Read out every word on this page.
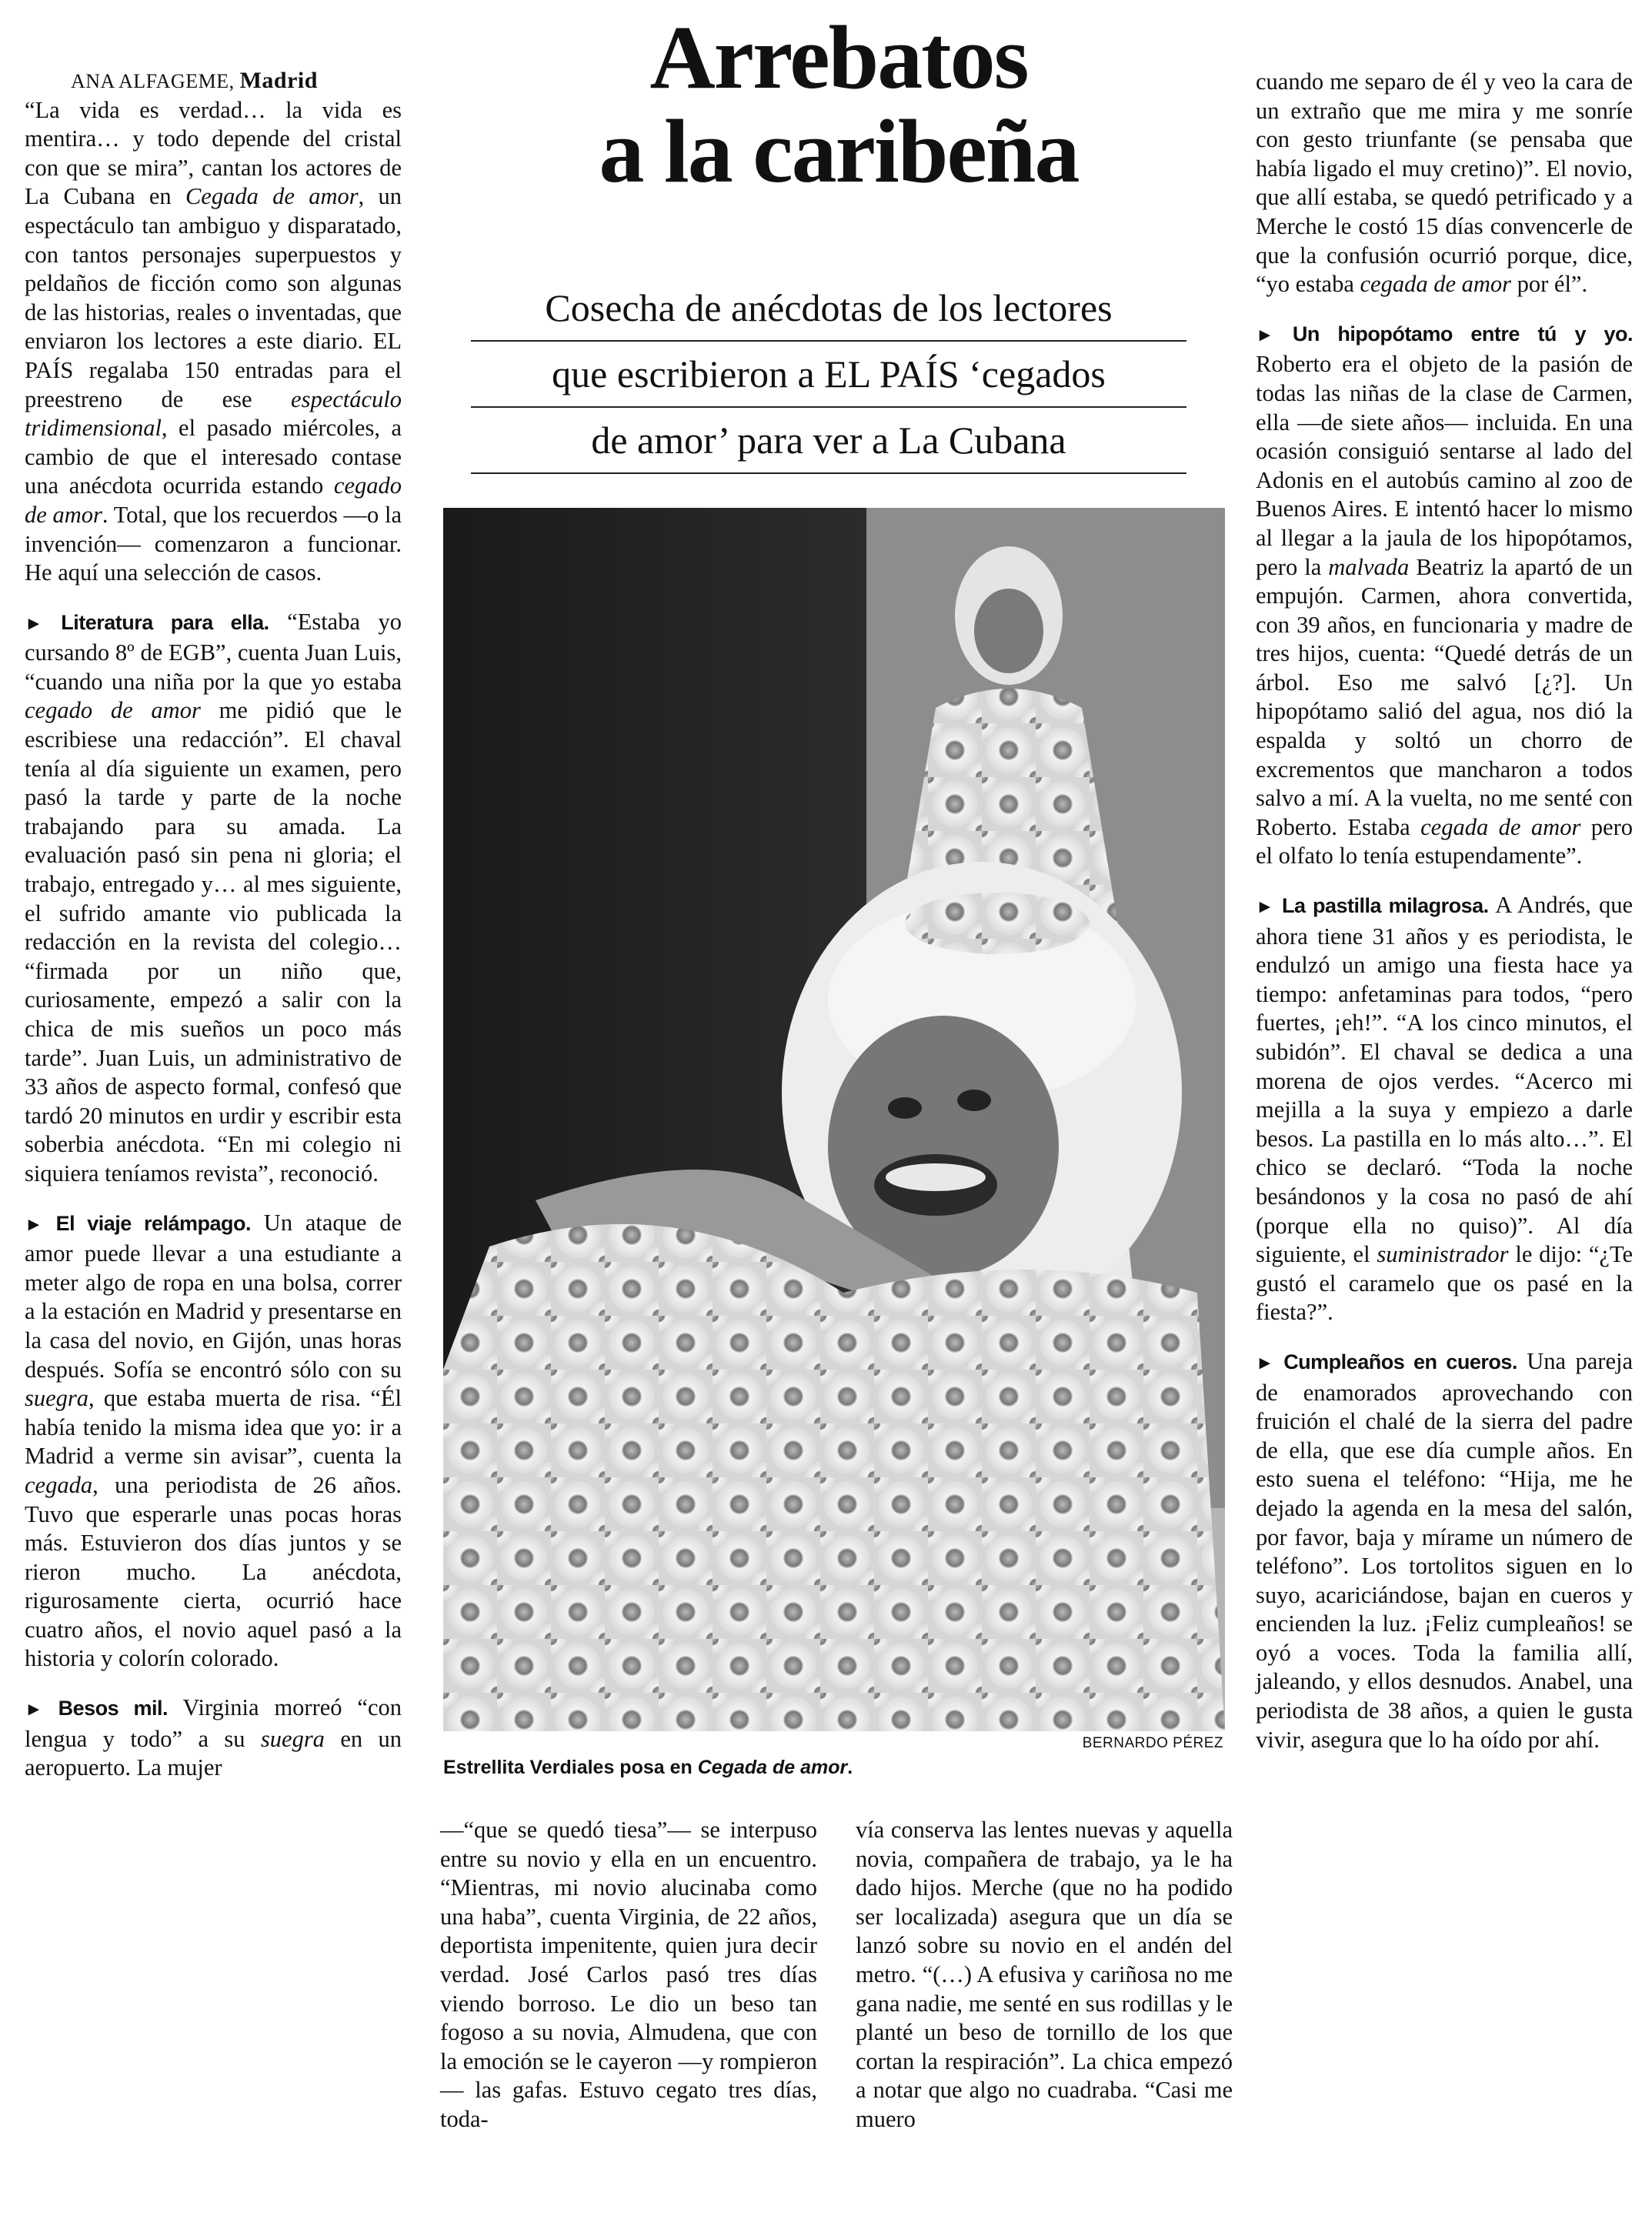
Arrebatos
a la caribeña
Cosecha de anécdotas de los lectores
que escribieron a EL PAÍS ‘cegados
de amor’ para ver a La Cubana

ANA ALFAGEME, Madrid

“La vida es verdad… la vida es mentira… y todo depende del cristal con que se mira”, cantan los actores de La Cubana en Cegada de amor, un espectáculo tan ambiguo y disparatado, con tantos personajes superpuestos y peldaños de ficción como son algunas de las historias, reales o inventadas, que enviaron los lectores a este diario. EL PAÍS regalaba 150 entradas para el preestreno de ese espectáculo tridimensional, el pasado miércoles, a cambio de que el interesado contase una anécdota ocurrida estando cegado de amor. Total, que los recuerdos —o la invención— comenzaron a funcionar. He aquí una selección de casos.

► Literatura para ella. “Estaba yo cursando 8º de EGB”, cuenta Juan Luis, “cuando una niña por la que yo estaba cegado de amor me pidió que le escribiese una redacción”. El chaval tenía al día siguiente un examen, pero pasó la tarde y parte de la noche trabajando para su amada. La evaluación pasó sin pena ni gloria; el trabajo, entregado y… al mes siguiente, el sufrido amante vio publicada la redacción en la revista del colegio… “firmada por un niño que, curiosamente, empezó a salir con la chica de mis sueños un poco más tarde”. Juan Luis, un administrativo de 33 años de aspecto formal, confesó que tardó 20 minutos en urdir y escribir esta soberbia anécdota. “En mi colegio ni siquiera teníamos revista”, reconoció.

► El viaje relámpago. Un ataque de amor puede llevar a una estudiante a meter algo de ropa en una bolsa, correr a la estación en Madrid y presentarse en la casa del novio, en Gijón, unas horas después. Sofía se encontró sólo con su suegra, que estaba muerta de risa. “Él había tenido la misma idea que yo: ir a Madrid a verme sin avisar”, cuenta la cegada, una periodista de 26 años. Tuvo que esperarle unas pocas horas más. Estuvieron dos días juntos y se rieron mucho. La anécdota, rigurosamente cierta, ocurrió hace cuatro años, el novio aquel pasó a la historia y colorín colorado.

► Besos mil. Virginia morreó “con lengua y todo” a su suegra en un aeropuerto. La mujer

BERNARDO PÉREZ
Estrellita Verdiales posa en Cegada de amor.

—“que se quedó tiesa”— se interpuso entre su novio y ella en un encuentro. “Mientras, mi novio alucinaba como una haba”, cuenta Virginia, de 22 años, deportista impenitente, quien jura decir verdad. José Carlos pasó tres días viendo borroso. Le dio un beso tan fogoso a su novia, Almudena, que con la emoción se le cayeron —y rompieron— las gafas. Estuvo cegato tres días, toda-

vía conserva las lentes nuevas y aquella novia, compañera de trabajo, ya le ha dado hijos. Merche (que no ha podido ser localizada) asegura que un día se lanzó sobre su novio en el andén del metro. “(…) A efusiva y cariñosa no me gana nadie, me senté en sus rodillas y le planté un beso de tornillo de los que cortan la respiración”. La chica empezó a notar que algo no cuadraba. “Casi me muero

cuando me separo de él y veo la cara de un extraño que me mira y me sonríe con gesto triunfante (se pensaba que había ligado el muy cretino)”. El novio, que allí estaba, se quedó petrificado y a Merche le costó 15 días convencerle de que la confusión ocurrió porque, dice, “yo estaba cegada de amor por él”.

► Un hipopótamo entre tú y yo. Roberto era el objeto de la pasión de todas las niñas de la clase de Carmen, ella —de siete años— incluida. En una ocasión consiguió sentarse al lado del Adonis en el autobús camino al zoo de Buenos Aires. E intentó hacer lo mismo al llegar a la jaula de los hipopótamos, pero la malvada Beatriz la apartó de un empujón. Carmen, ahora convertida, con 39 años, en funcionaria y madre de tres hijos, cuenta: “Quedé detrás de un árbol. Eso me salvó [¿?]. Un hipopótamo salió del agua, nos dió la espalda y soltó un chorro de excrementos que mancharon a todos salvo a mí. A la vuelta, no me senté con Roberto. Estaba cegada de amor pero el olfato lo tenía estupendamente”.

► La pastilla milagrosa. A Andrés, que ahora tiene 31 años y es periodista, le endulzó un amigo una fiesta hace ya tiempo: anfetaminas para todos, “pero fuertes, ¡eh!”. “A los cinco minutos, el subidón”. El chaval se dedica a una morena de ojos verdes. “Acerco mi mejilla a la suya y empiezo a darle besos. La pastilla en lo más alto…”. El chico se declaró. “Toda la noche besándonos y la cosa no pasó de ahí (porque ella no quiso)”. Al día siguiente, el suministrador le dijo: “¿Te gustó el caramelo que os pasé en la fiesta?”.

► Cumpleaños en cueros. Una pareja de enamorados aprovechando con fruición el chalé de la sierra del padre de ella, que ese día cumple años. En esto suena el teléfono: “Hija, me he dejado la agenda en la mesa del salón, por favor, baja y mírame un número de teléfono”. Los tortolitos siguen en lo suyo, acariciándose, bajan en cueros y encienden la luz. ¡Feliz cumpleaños! se oyó a voces. Toda la familia allí, jaleando, y ellos desnudos. Anabel, una periodista de 38 años, a quien le gusta vivir, asegura que lo ha oído por ahí.
